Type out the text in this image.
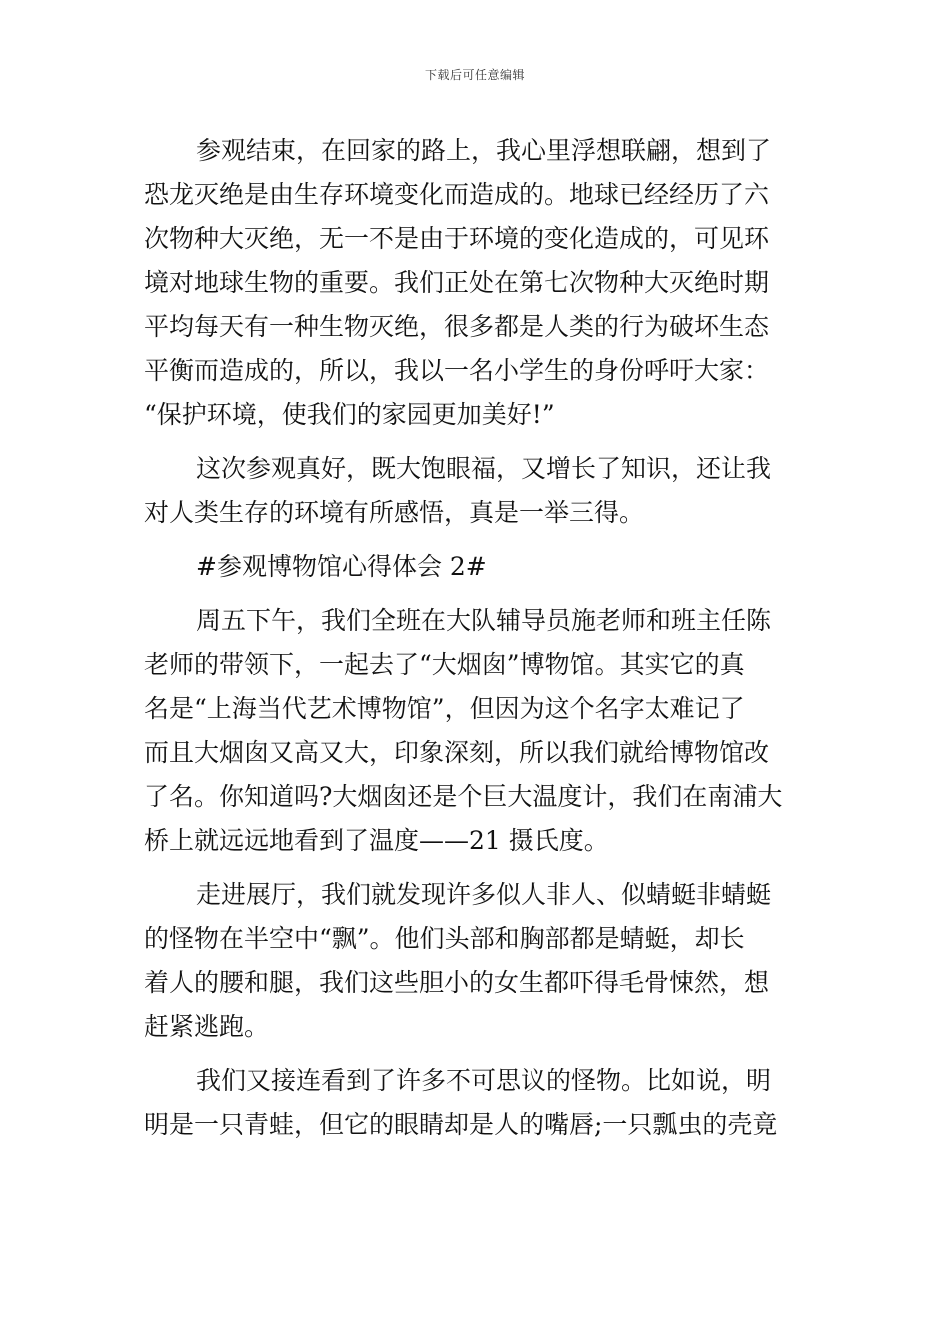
下载后可任意编辑
参观结束，在回家的路上，我心里浮想联翩，想到了
恐龙灭绝是由生存环境变化而造成的。地球已经经历了六
次物种大灭绝，无一不是由于环境的变化造成的，可见环
境对地球生物的重要。我们正处在第七次物种大灭绝时期
平均每天有一种生物灭绝，很多都是人类的行为破坏生态
平衡而造成的，所以，我以一名小学生的身份呼吁大家：
“保护环境，使我们的家园更加美好!”
这次参观真好，既大饱眼福，又增长了知识，还让我
对人类生存的环境有所感悟，真是一举三得。
#参观博物馆心得体会 2#
周五下午，我们全班在大队辅导员施老师和班主任陈
老师的带领下，一起去了“大烟囱”博物馆。其实它的真
名是“上海当代艺术博物馆”，但因为这个名字太难记了
而且大烟囱又高又大，印象深刻，所以我们就给博物馆改
了名。你知道吗?大烟囱还是个巨大温度计，我们在南浦大
桥上就远远地看到了温度——21 摄氏度。
走进展厅，我们就发现许多似人非人、似蜻蜓非蜻蜓
的怪物在半空中“飘”。他们头部和胸部都是蜻蜓，却长
着人的腰和腿，我们这些胆小的女生都吓得毛骨悚然，想
赶紧逃跑。
我们又接连看到了许多不可思议的怪物。比如说，明
明是一只青蛙，但它的眼睛却是人的嘴唇;一只瓢虫的壳竟
